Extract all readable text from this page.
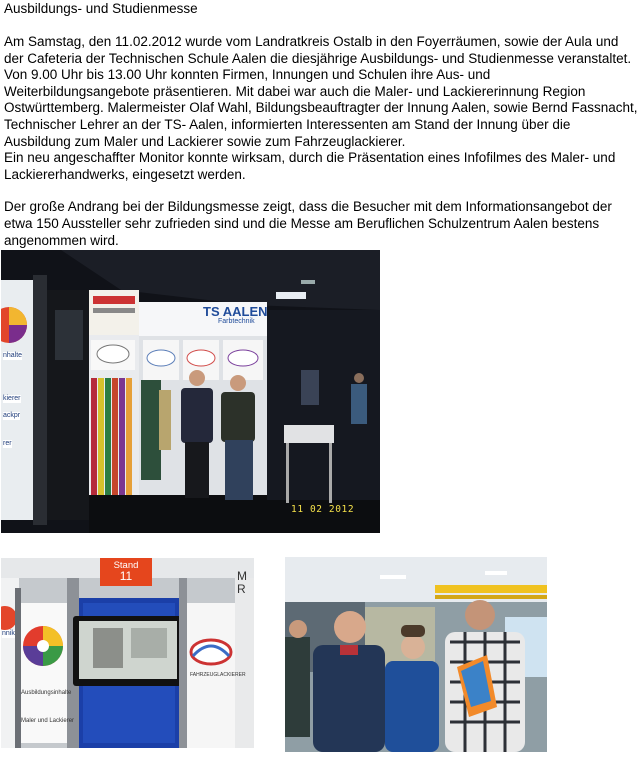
Ausbildungs- und Studienmesse

Am Samstag, den 11.02.2012 wurde vom Landratkreis Ostalb in den Foyerräumen, sowie der Aula und der Cafeteria der Technischen Schule Aalen die diesjährige Ausbildungs- und Studienmesse veranstaltet. Von 9.00 Uhr bis 13.00 Uhr konnten Firmen, Innungen und Schulen ihre Aus- und Weiterbildungsangebote präsentieren. Mit dabei war auch die Maler- und Lackiererinnung Region Ostwürttemberg. Malermeister Olaf Wahl, Bildungsbeauftragter der Innung Aalen, sowie Bernd Fassnacht, Technischer Lehrer an der TS- Aalen, informierten Interessenten am Stand der Innung über die Ausbildung zum Maler und Lackierer sowie zum Fahrzeuglackierer.

Ein neu angeschaffter Monitor konnte wirksam, durch die Präsentation eines Infofilmes des Maler- und Lackiererhandwerks, eingesetzt werden.

Der große Andrang bei der Bildungsmesse zeigt, dass die Besucher mit dem Informationsangebot der etwa 150 Aussteller sehr zufrieden sind und die Messe am Beruflichen Schulzentrum Aalen bestens angenommen wird.

TS AALEN
Farbtechnik
nhalte
kierer
ackpr
rer
11 02 2012
Stand
11	M
R
nnik
Ausbildungsinhalte
Maler und Lackierer
FAHRZEUGLACKIERER
